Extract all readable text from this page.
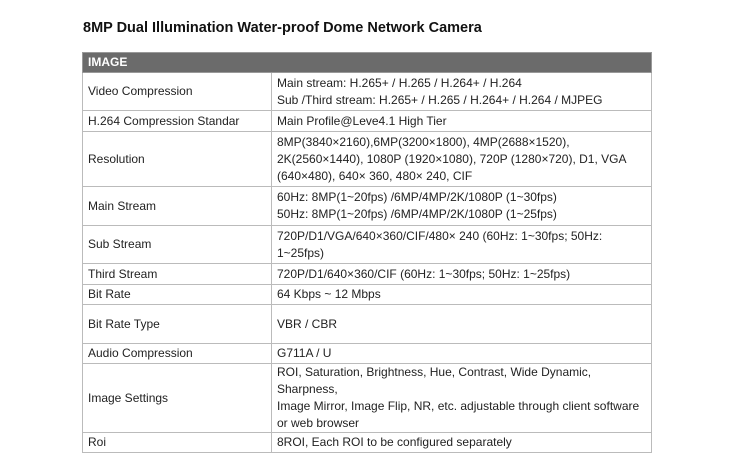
8MP Dual Illumination Water-proof Dome Network Camera
IMAGE	
Video Compression	Main stream: H.265+ / H.265 / H.264+ / H.264
Sub /Third stream: H.265+ / H.265 / H.264+ / H.264 / MJPEG
H.264 Compression Standar	Main Profile@Leve4.1 High Tier
Resolution	8MP(3840×2160),6MP(3200×1800), 4MP(2688×1520),
2K(2560×1440), 1080P (1920×1080), 720P (1280×720), D1, VGA
(640×480), 640× 360, 480× 240, CIF
Main Stream	60Hz: 8MP(1~20fps) /6MP/4MP/2K/1080P (1~30fps)
50Hz: 8MP(1~20fps) /6MP/4MP/2K/1080P (1~25fps)
Sub Stream	720P/D1/VGA/640×360/CIF/480× 240 (60Hz: 1~30fps; 50Hz:
1~25fps)
Third Stream	720P/D1/640×360/CIF (60Hz: 1~30fps; 50Hz: 1~25fps)
Bit Rate	64 Kbps ~ 12 Mbps
Bit Rate Type	VBR / CBR
Audio Compression	G711A / U
Image Settings	ROI, Saturation, Brightness, Hue, Contrast, Wide Dynamic, Sharpness,
Image Mirror, Image Flip, NR, etc. adjustable through client software
or web browser
Roi	8ROI, Each ROI to be configured separately
